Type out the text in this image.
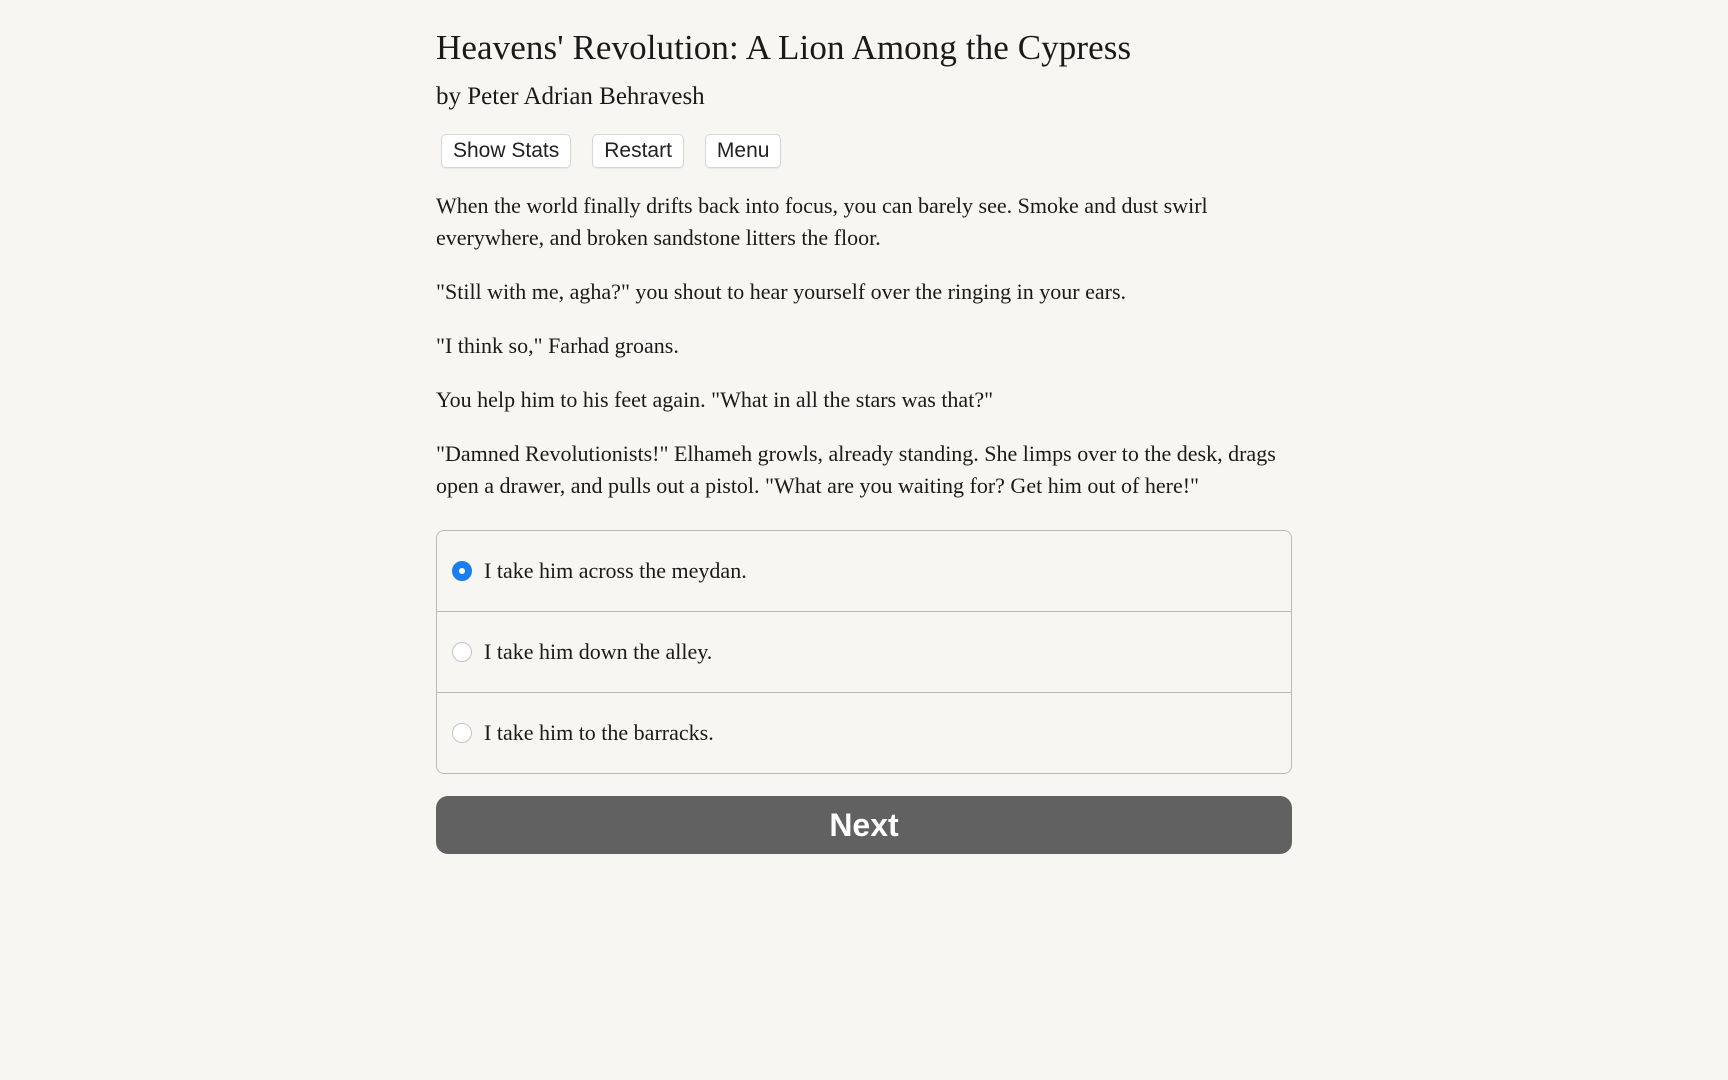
Heavens' Revolution: A Lion Among the Cypress
by Peter Adrian Behravesh
Show Stats	Restart	Menu

When the world finally drifts back into focus, you can barely see. Smoke and dust swirl everywhere, and broken sandstone litters the floor.

"Still with me, agha?" you shout to hear yourself over the ringing in your ears.

"I think so," Farhad groans.

You help him to his feet again. "What in all the stars was that?"

"Damned Revolutionists!" Elhameh growls, already standing. She limps over to the desk, drags open a drawer, and pulls out a pistol. "What are you waiting for? Get him out of here!"

I take him across the meydan.
I take him down the alley.
I take him to the barracks.
Next
